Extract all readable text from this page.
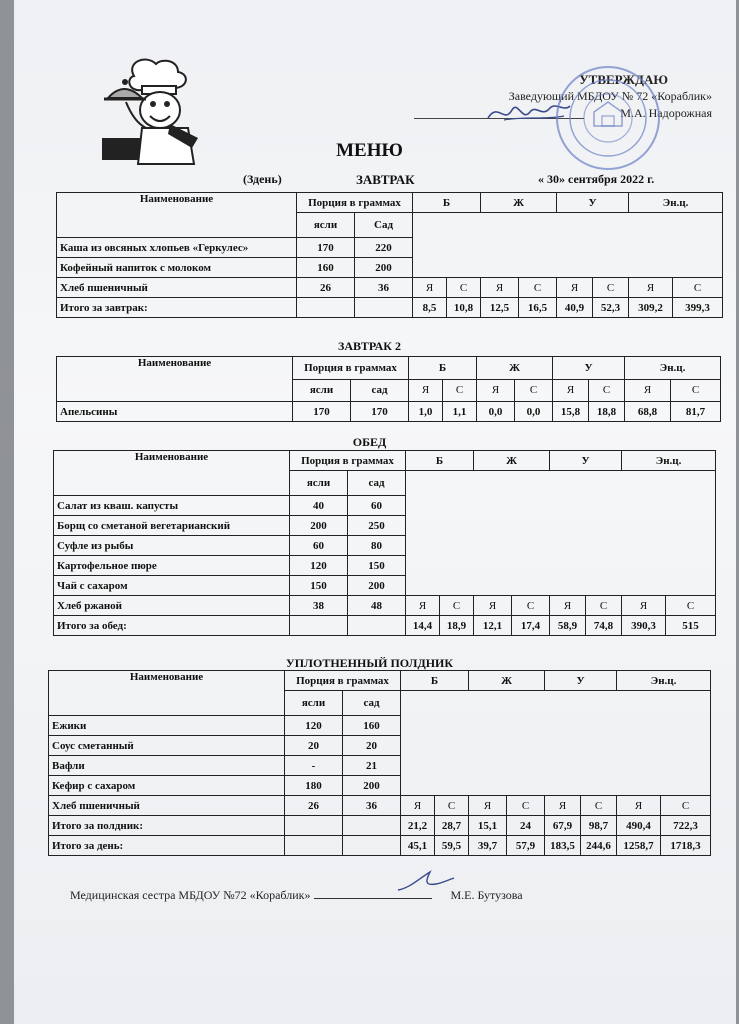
УТВЕРЖДАЮ
Заведующий МБДОУ № 72 «Кораблик»
М.А. Надорожная
МЕНЮ
(Здень)	ЗАВТРАК	« 30» сентября 2022 г.
Наименование	Порция в граммах		Б		Ж		У		Эн.ц.	
	ясли	Сад								
Каша из овсяных хлопьев «Геркулес»	170	220								
Кофейный напиток с молоком	160	200								
Хлеб пшеничный	26	36	Я	С	Я	С	Я	С	Я	С
Итого за завтрак:			8,5	10,8	12,5	16,5	40,9	52,3	309,2	399,3
ЗАВТРАК 2
Наименование	Порция в граммах		Б		Ж		У		Эн.ц.	
	ясли	сад	Я	С	Я	С	Я	С	Я	С
Апельсины	170	170	1,0	1,1	0,0	0,0	15,8	18,8	68,8	81,7
ОБЕД
Наименование	Порция в граммах		Б		Ж		У		Эн.ц.	
	ясли	сад								
Салат из кваш. капусты	40	60								
Борщ со сметаной вегетарианский	200	250								
Суфле из рыбы	60	80								
Картофельное пюре	120	150								
Чай с сахаром	150	200								
Хлеб ржаной	38	48	Я	С	Я	С	Я	С	Я	С
Итого за обед:			14,4	18,9	12,1	17,4	58,9	74,8	390,3	515
УПЛОТНЕННЫЙ ПОЛДНИК
Наименование	Порция в граммах		Б		Ж		У		Эн.ц.	
	ясли	сад								
Ежики	120	160								
Соус сметанный	20	20								
Вафли	-	21								
Кефир с сахаром	180	200								
Хлеб пшеничный	26	36	Я	С	Я	С	Я	С	Я	С
Итого за полдник:			21,2	28,7	15,1	24	67,9	98,7	490,4	722,3
Итого за день:			45,1	59,5	39,7	57,9	183,5	244,6	1258,7	1718,3
Медицинская сестра МБДОУ №72 «Кораблик»	М.Е. Бутузова
